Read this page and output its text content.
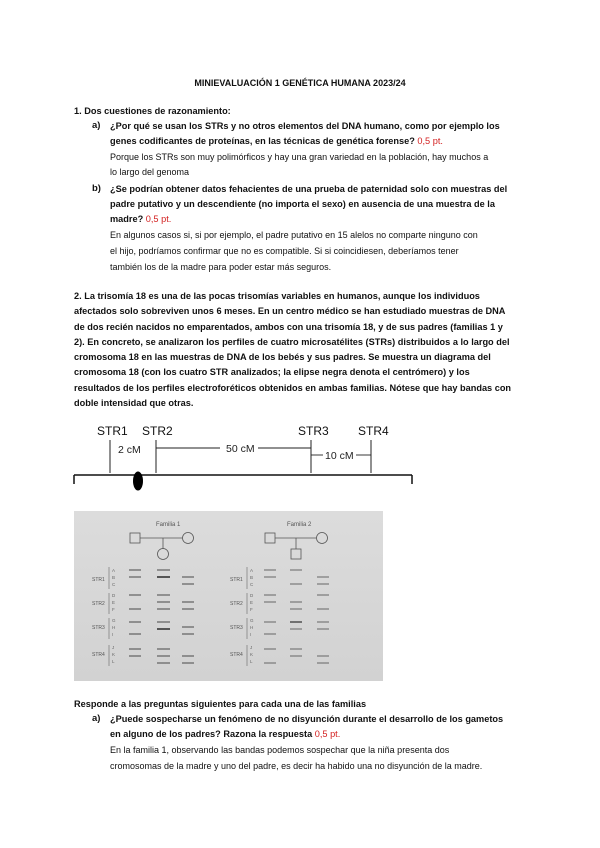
MINIEVALUACIÓN 1 GENÉTICA HUMANA 2023/24
1. Dos cuestiones de razonamiento:
a) ¿Por qué se usan los STRs y no otros elementos del DNA humano, como por ejemplo los
genes codificantes de proteínas, en las técnicas de genética forense? 0,5 pt.
Porque los STRs son muy polimórficos y hay una gran variedad en la población, hay muchos a
lo largo del genoma
b) ¿Se podrían obtener datos fehacientes de una prueba de paternidad solo con muestras del
padre putativo y un descendiente (no importa el sexo) en ausencia de una muestra de la
madre? 0,5 pt.
En algunos casos si, si por ejemplo, el padre putativo en 15 alelos no comparte ninguno con
el hijo, podríamos confirmar que no es compatible. Si si coincidiesen, deberíamos tener
también los de la madre para poder estar más seguros.
2. La trisomía 18 es una de las pocas trisomías variables en humanos, aunque los individuos
afectados solo sobreviven unos 6 meses. En un centro médico se han estudiado muestras de DNA
de dos recién nacidos no emparentados, ambos con una trisomía 18, y de sus padres (familias 1 y
2). En concreto, se analizaron los perfiles de cuatro microsatélites (STRs) distribuidos a lo largo del
cromosoma 18 en las muestras de DNA de los bebés y sus padres. Se muestra un diagrama del
cromosoma 18 (con los cuatro STR analizados; la elipse negra denota el centrómero) y los
resultados de los perfiles electroforéticos obtenidos en ambas familias. Nótese que hay bandas con
doble intensidad que otras.
STR1 STR2	STR3 STR4
2 cM	50 cM
10 cM
Familia 1	Familia 2
STR1
STR2
STR3
STR4
A
B
C
D
E
F
G
H
I
J
K
L
STR1
STR2
STR3
STR4
A
B
C
D
E
F
G
H
I
J
K
L
Responde a las preguntas siguientes para cada una de las familias
a) ¿Puede sospecharse un fenómeno de no disyunción durante el desarrollo de los gametos
en alguno de los padres? Razona la respuesta 0,5 pt.
En la familia 1, observando las bandas podemos sospechar que la niña presenta dos
cromosomas de la madre y uno del padre, es decir ha habido una no disyunción de la madre.
